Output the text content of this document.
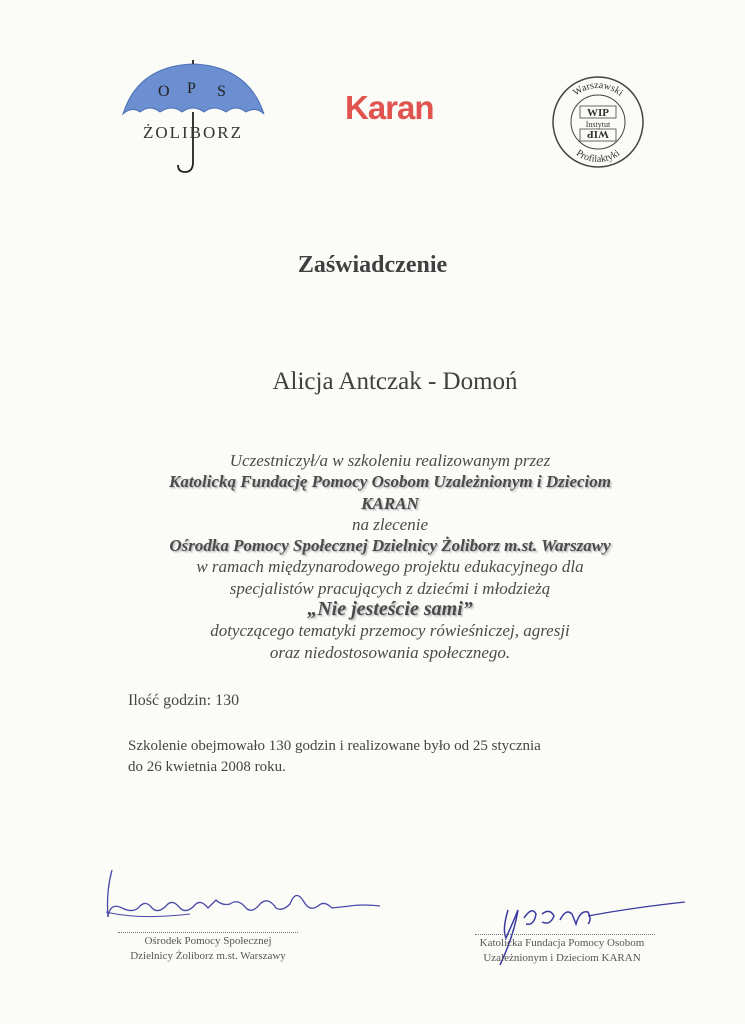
O P S
ŻOLIBORZ
Karan	Warszawski
Profilaktyki
WIP
Instytut
WIP
Zaświadczenie
Alicja Antczak - Domoń
Uczestniczył/a w szkoleniu realizowanym przez
Katolicką Fundację Pomocy Osobom Uzależnionym i Dzieciom
KARAN
na zlecenie
Ośrodka Pomocy Społecznej Dzielnicy Żoliborz m.st. Warszawy
w ramach międzynarodowego projektu edukacyjnego dla
specjalistów pracujących z dziećmi i młodzieżą
„Nie jesteście sami”
dotyczącego tematyki przemocy rówieśniczej, agresji
oraz niedostosowania społecznego.
Ilość godzin: 130
Szkolenie obejmowało 130 godzin i realizowane było od 25 stycznia
do 26 kwietnia 2008 roku.
Ośrodek Pomocy Społecznej
Dzielnicy Żoliborz m.st. Warszawy
Katolicka Fundacja Pomocy Osobom
Uzależnionym i Dzieciom KARAN
